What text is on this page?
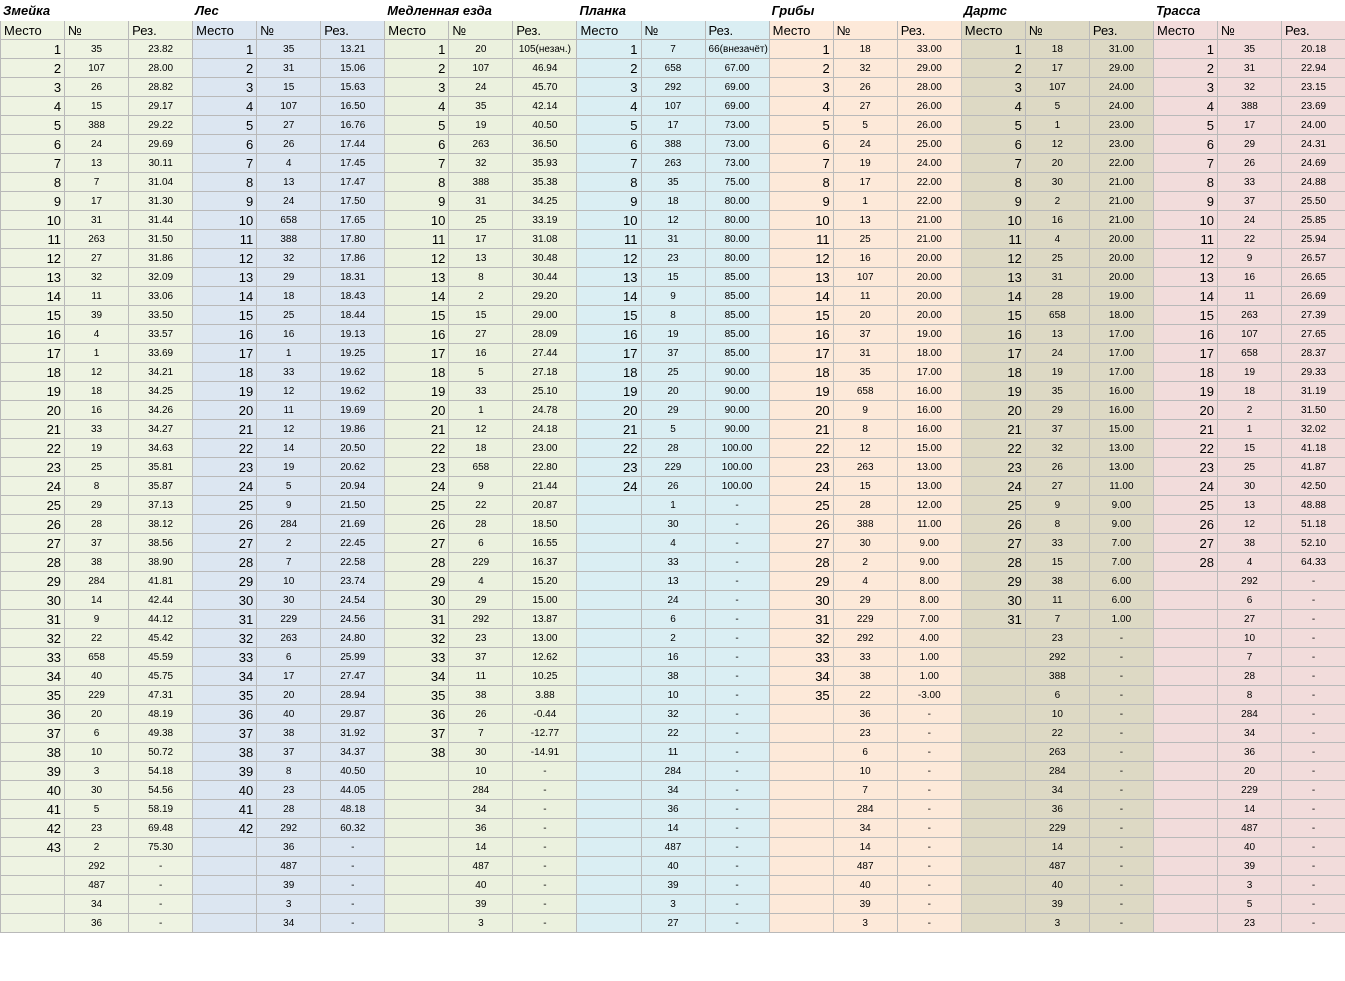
Змейка			Лес			Медленная езда			Планка			Грибы			Дартс			Трасса		
Место	№	Рез.	Место	№	Рез.	Место	№	Рез.	Место	№	Рез.	Место	№	Рез.	Место	№	Рез.	Место	№	Рез.
1	35	23.82	1	35	13.21	1	20	105(незач.)	1	7	66(внезачёт)	1	18	33.00	1	18	31.00	1	35	20.18
2	107	28.00	2	31	15.06	2	107	46.94	2	658	67.00	2	32	29.00	2	17	29.00	2	31	22.94
3	26	28.82	3	15	15.63	3	24	45.70	3	292	69.00	3	26	28.00	3	107	24.00	3	32	23.15
4	15	29.17	4	107	16.50	4	35	42.14	4	107	69.00	4	27	26.00	4	5	24.00	4	388	23.69
5	388	29.22	5	27	16.76	5	19	40.50	5	17	73.00	5	5	26.00	5	1	23.00	5	17	24.00
6	24	29.69	6	26	17.44	6	263	36.50	6	388	73.00	6	24	25.00	6	12	23.00	6	29	24.31
7	13	30.11	7	4	17.45	7	32	35.93	7	263	73.00	7	19	24.00	7	20	22.00	7	26	24.69
8	7	31.04	8	13	17.47	8	388	35.38	8	35	75.00	8	17	22.00	8	30	21.00	8	33	24.88
9	17	31.30	9	24	17.50	9	31	34.25	9	18	80.00	9	1	22.00	9	2	21.00	9	37	25.50
10	31	31.44	10	658	17.65	10	25	33.19	10	12	80.00	10	13	21.00	10	16	21.00	10	24	25.85
11	263	31.50	11	388	17.80	11	17	31.08	11	31	80.00	11	25	21.00	11	4	20.00	11	22	25.94
12	27	31.86	12	32	17.86	12	13	30.48	12	23	80.00	12	16	20.00	12	25	20.00	12	9	26.57
13	32	32.09	13	29	18.31	13	8	30.44	13	15	85.00	13	107	20.00	13	31	20.00	13	16	26.65
14	11	33.06	14	18	18.43	14	2	29.20	14	9	85.00	14	11	20.00	14	28	19.00	14	11	26.69
15	39	33.50	15	25	18.44	15	15	29.00	15	8	85.00	15	20	20.00	15	658	18.00	15	263	27.39
16	4	33.57	16	16	19.13	16	27	28.09	16	19	85.00	16	37	19.00	16	13	17.00	16	107	27.65
17	1	33.69	17	1	19.25	17	16	27.44	17	37	85.00	17	31	18.00	17	24	17.00	17	658	28.37
18	12	34.21	18	33	19.62	18	5	27.18	18	25	90.00	18	35	17.00	18	19	17.00	18	19	29.33
19	18	34.25	19	12	19.62	19	33	25.10	19	20	90.00	19	658	16.00	19	35	16.00	19	18	31.19
20	16	34.26	20	11	19.69	20	1	24.78	20	29	90.00	20	9	16.00	20	29	16.00	20	2	31.50
21	33	34.27	21	12	19.86	21	12	24.18	21	5	90.00	21	8	16.00	21	37	15.00	21	1	32.02
22	19	34.63	22	14	20.50	22	18	23.00	22	28	100.00	22	12	15.00	22	32	13.00	22	15	41.18
23	25	35.81	23	19	20.62	23	658	22.80	23	229	100.00	23	263	13.00	23	26	13.00	23	25	41.87
24	8	35.87	24	5	20.94	24	9	21.44	24	26	100.00	24	15	13.00	24	27	11.00	24	30	42.50
25	29	37.13	25	9	21.50	25	22	20.87		1	-	25	28	12.00	25	9	9.00	25	13	48.88
26	28	38.12	26	284	21.69	26	28	18.50		30	-	26	388	11.00	26	8	9.00	26	12	51.18
27	37	38.56	27	2	22.45	27	6	16.55		4	-	27	30	9.00	27	33	7.00	27	38	52.10
28	38	38.90	28	7	22.58	28	229	16.37		33	-	28	2	9.00	28	15	7.00	28	4	64.33
29	284	41.81	29	10	23.74	29	4	15.20		13	-	29	4	8.00	29	38	6.00		292	-
30	14	42.44	30	30	24.54	30	29	15.00		24	-	30	29	8.00	30	11	6.00		6	-
31	9	44.12	31	229	24.56	31	292	13.87		6	-	31	229	7.00	31	7	1.00		27	-
32	22	45.42	32	263	24.80	32	23	13.00		2	-	32	292	4.00		23	-		10	-
33	658	45.59	33	6	25.99	33	37	12.62		16	-	33	33	1.00		292	-		7	-
34	40	45.75	34	17	27.47	34	11	10.25		38	-	34	38	1.00		388	-		28	-
35	229	47.31	35	20	28.94	35	38	3.88		10	-	35	22	-3.00		6	-		8	-
36	20	48.19	36	40	29.87	36	26	-0.44		32	-		36	-		10	-		284	-
37	6	49.38	37	38	31.92	37	7	-12.77		22	-		23	-		22	-		34	-
38	10	50.72	38	37	34.37	38	30	-14.91		11	-		6	-		263	-		36	-
39	3	54.18	39	8	40.50		10	-		284	-		10	-		284	-		20	-
40	30	54.56	40	23	44.05		284	-		34	-		7	-		34	-		229	-
41	5	58.19	41	28	48.18		34	-		36	-		284	-		36	-		14	-
42	23	69.48	42	292	60.32		36	-		14	-		34	-		229	-		487	-
43	2	75.30		36	-		14	-		487	-		14	-		14	-		40	-
	292	-		487	-		487	-		40	-		487	-		487	-		39	-
	487	-		39	-		40	-		39	-		40	-		40	-		3	-
	34	-		3	-		39	-		3	-		39	-		39	-		5	-
	36	-		34	-		3	-		27	-		3	-		3	-		23	-
